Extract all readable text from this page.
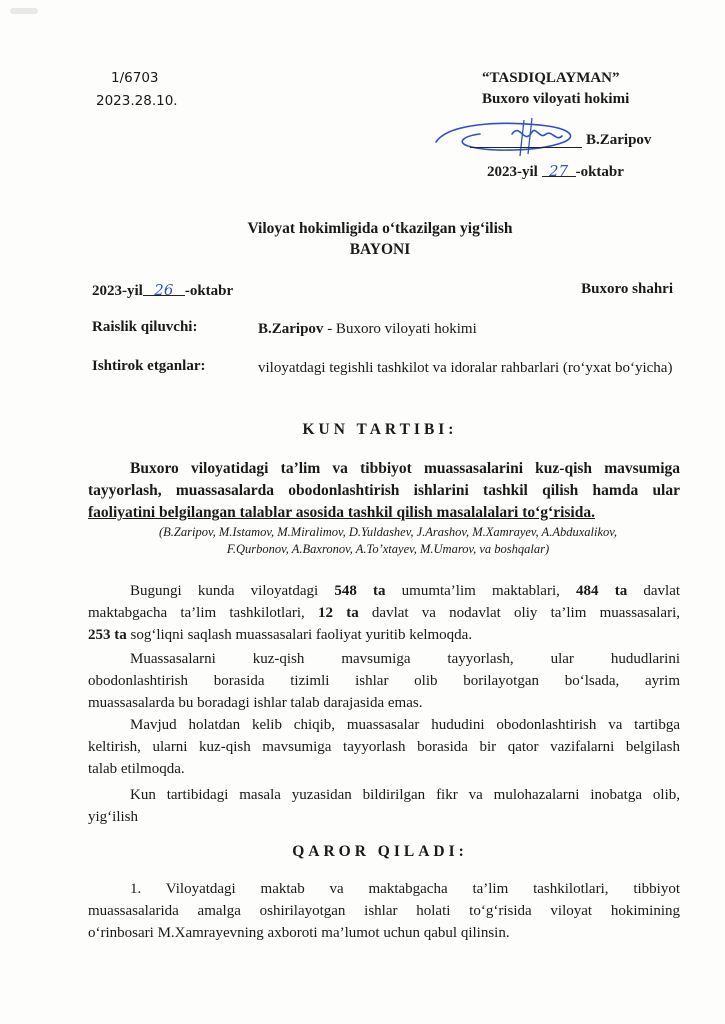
1/6703
2023.28.10.
“TASDIQLAYMAN”
Buxoro viloyati hokimi
B.Zaripov
2023-yil 27 -oktabr
Viloyat hokimligida o‘tkazilgan yig‘ilish
BAYONI
2023-yil 26 -oktabr	Buxoro shahri
Raislik qiluvchi:	B.Zaripov - Buxoro viloyati hokimi
Ishtirok etganlar:	viloyatdagi tegishli tashkilot va idoralar rahbarlari (ro‘yxat bo‘yicha)
KUN TARTIBI:
Buxoro viloyatidagi ta’lim va tibbiyot muassasalarini kuz-qish mavsumiga
tayyorlash, muassasalarda obodonlashtirish ishlarini tashkil qilish hamda ular
faoliyatini belgilangan talablar asosida tashkil qilish masalalalari to‘g‘risida.
(B.Zaripov, M.Istamov, M.Miralimov, D.Yuldashev, J.Arashov, M.Xamrayev, A.Abduxalikov,
F.Qurbonov, A.Baxronov, A.To’xtayev, M.Umarov, va boshqalar)
Bugungi kunda viloyatdagi 548 ta umumta’lim maktablari, 484 ta davlat
maktabgacha ta’lim tashkilotlari, 12 ta davlat va nodavlat oliy ta’lim muassasalari,
253 ta sog‘liqni saqlash muassasalari faoliyat yuritib kelmoqda.
Muassasalarni kuz-qish mavsumiga tayyorlash, ular hududlarini
obodonlashtirish borasida tizimli ishlar olib borilayotgan bo‘lsada, ayrim
muassasalarda bu boradagi ishlar talab darajasida emas.
Mavjud holatdan kelib chiqib, muassasalar hududini obodonlashtirish va tartibga
keltirish, ularni kuz-qish mavsumiga tayyorlash borasida bir qator vazifalarni belgilash
talab etilmoqda.
Kun tartibidagi masala yuzasidan bildirilgan fikr va mulohazalarni inobatga olib,
yig‘ilish
QAROR QILADI:
1. Viloyatdagi maktab va maktabgacha ta’lim tashkilotlari, tibbiyot
muassasalarida amalga oshirilayotgan ishlar holati to‘g‘risida viloyat hokimining
o‘rinbosari M.Xamrayevning axboroti ma’lumot uchun qabul qilinsin.
